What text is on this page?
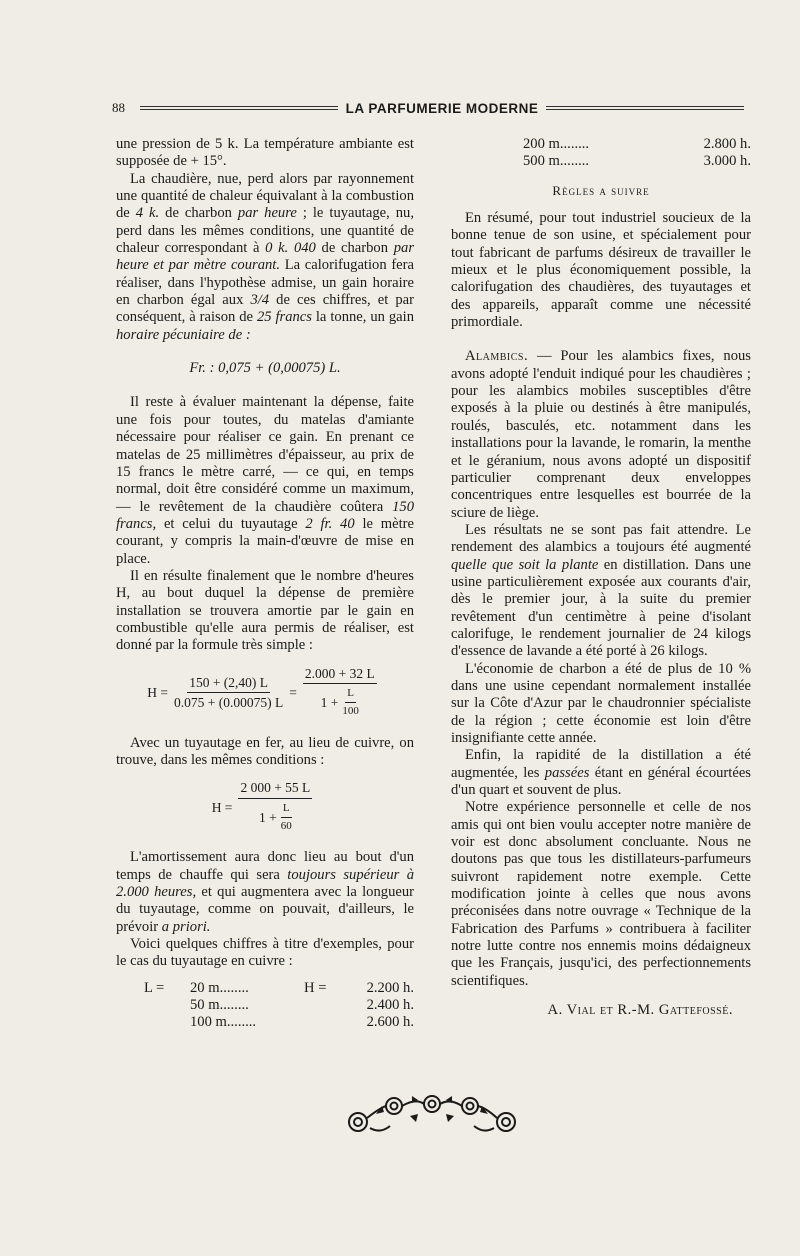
88	LA PARFUMERIE MODERNE

une pression de 5 k. La température ambiante est supposée de + 15°.

La chaudière, nue, perd alors par rayonnement une quantité de chaleur équivalant à la combustion de 4 k. de charbon par heure ; le tuyautage, nu, perd dans les mêmes conditions, une quantité de chaleur correspondant à 0 k. 040 de charbon par heure et par mètre courant. La calorifugation fera réaliser, dans l'hypothèse admise, un gain horaire en charbon égal aux 3/4 de ces chiffres, et par conséquent, à raison de 25 francs la tonne, un gain horaire pécuniaire de :

Fr. : 0,075 + (0,00075) L.

Il reste à évaluer maintenant la dépense, faite une fois pour toutes, du matelas d'amiante nécessaire pour réaliser ce gain. En prenant ce matelas de 25 millimètres d'épaisseur, au prix de 15 francs le mètre carré, — ce qui, en temps normal, doit être considéré comme un maximum, — le revêtement de la chaudière coûtera 150 francs, et celui du tuyautage 2 fr. 40 le mètre courant, y compris la main-d'œuvre de mise en place.

Il en résulte finalement que le nombre d'heures H, au bout duquel la dépense de première installation se trouvera amortie par le gain en combustible qu'elle aura permis de réaliser, est donné par la formule très simple :

$H = \frac{150 + (2,40) L}{0.075 + (0.00075) L} = \frac{2.000 + 32 L}{1 + \frac{L}{100}}$

Avec un tuyautage en fer, au lieu de cuivre, on trouve, dans les mêmes conditions :

$H = \frac{2 000 + 55 L}{1 + \frac{L}{60}}$

L'amortissement aura donc lieu au bout d'un temps de chauffe qui sera toujours supérieur à 2.000 heures, et qui augmentera avec la longueur du tuyautage, comme on pouvait, d'ailleurs, le prévoir a priori.

Voici quelques chiffres à titre d'exemples, pour le cas du tuyautage en cuivre :

L =	20 m........	H =	2.200 h.
50 m........	2.400 h.
100 m........	2.600 h.
200 m........	2.800 h.
500 m........	3.000 h.
Règles a suivre

En résumé, pour tout industriel soucieux de la bonne tenue de son usine, et spécialement pour tout fabricant de parfums désireux de travailler le mieux et le plus économiquement possible, la calorifugation des chaudières, des tuyautages et des appareils, apparaît comme une nécessité primordiale.

Alambics. — Pour les alambics fixes, nous avons adopté l'enduit indiqué pour les chaudières ; pour les alambics mobiles susceptibles d'être exposés à la pluie ou destinés à être manipulés, roulés, basculés, etc. notamment dans les installations pour la lavande, le romarin, la menthe et le géranium, nous avons adopté un dispositif particulier comprenant deux enveloppes concentriques entre lesquelles est bourrée de la sciure de liège.

Les résultats ne se sont pas fait attendre. Le rendement des alambics a toujours été augmenté quelle que soit la plante en distillation. Dans une usine particulièrement exposée aux courants d'air, dès le premier jour, à la suite du premier revêtement d'un centimètre à peine d'isolant calorifuge, le rendement journalier de 24 kilogs d'essence de lavande a été porté à 26 kilogs.

L'économie de charbon a été de plus de 10 % dans une usine cependant normalement installée sur la Côte d'Azur par le chaudronnier spécialiste de la région ; cette économie est loin d'être insignifiante cette année.

Enfin, la rapidité de la distillation a été augmentée, les passées étant en général écourtées d'un quart et souvent de plus.

Notre expérience personnelle et celle de nos amis qui ont bien voulu accepter notre manière de voir est donc absolument concluante. Nous ne doutons pas que tous les distillateurs-parfumeurs suivront rapidement notre exemple. Cette modification jointe à celles que nous avons préconisées dans notre ouvrage « Technique de la Fabrication des Parfums » contribuera à faciliter notre lutte contre nos ennemis moins dédaigneux que les Français, jusqu'ici, des perfectionnements scientifiques.

A. Vial et R.-M. Gattefossé.
